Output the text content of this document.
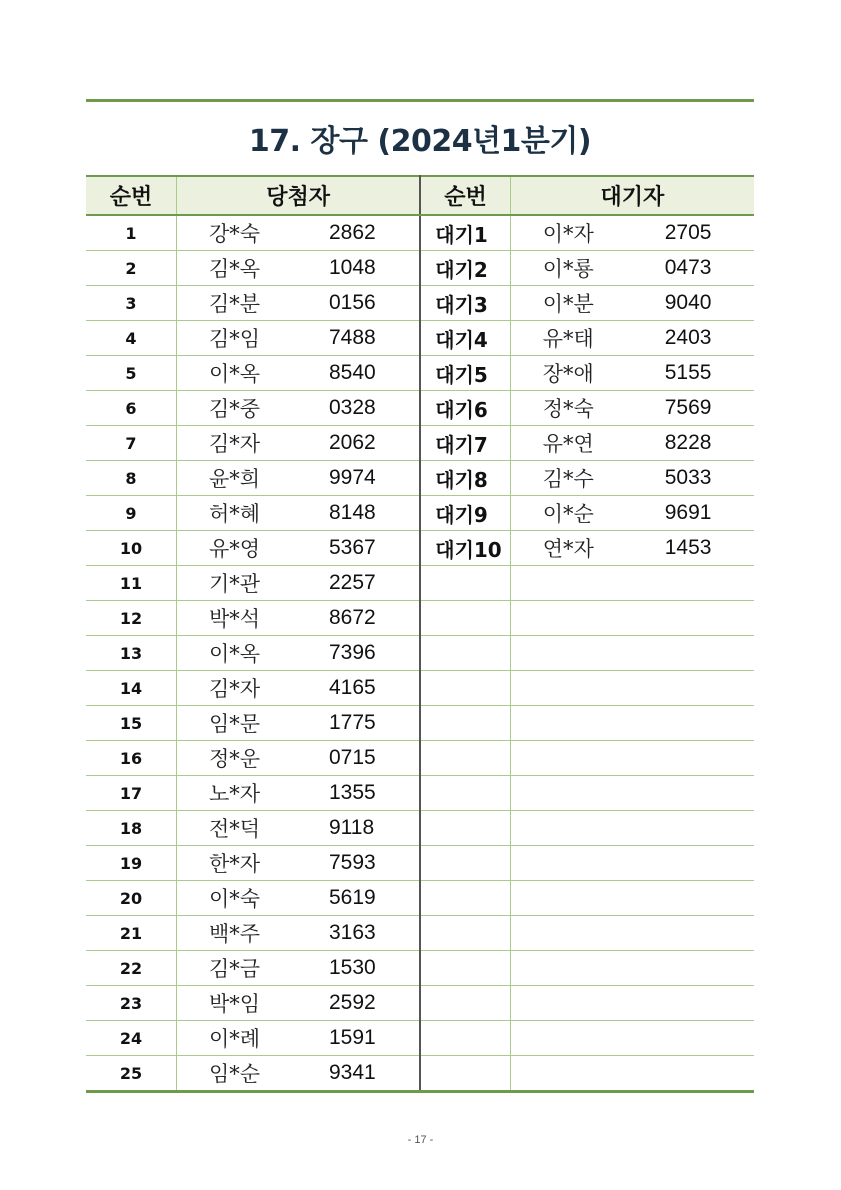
17. 장구 (2024년1분기)
순번	당첨자	순번	대기자
1	강*숙 2862	대기1	이*자 2705

2	김*옥 1048	대기2	이*룡 0473

3	김*분 0156	대기3	이*분 9040

4	김*임 7488	대기4	유*태 2403

5	이*옥 8540	대기5	장*애 5155

6	김*중 0328	대기6	정*숙 7569

7	김*자 2062	대기7	유*연 8228

8	윤*희 9974	대기8	김*수 5033

9	허*혜 8148	대기9	이*순 9691

10	유*영 5367	대기10	연*자 1453

11	기*관 2257		

12	박*석 8672		

13	이*옥 7396		

14	김*자 4165		

15	임*문 1775		

16	정*운 0715		

17	노*자 1355		

18	전*덕 9118		

19	한*자 7593		

20	이*숙 5619		

21	백*주 3163		

22	김*금 1530		

23	박*임 2592		

24	이*례 1591		

25	임*순 9341		

- 17 -
